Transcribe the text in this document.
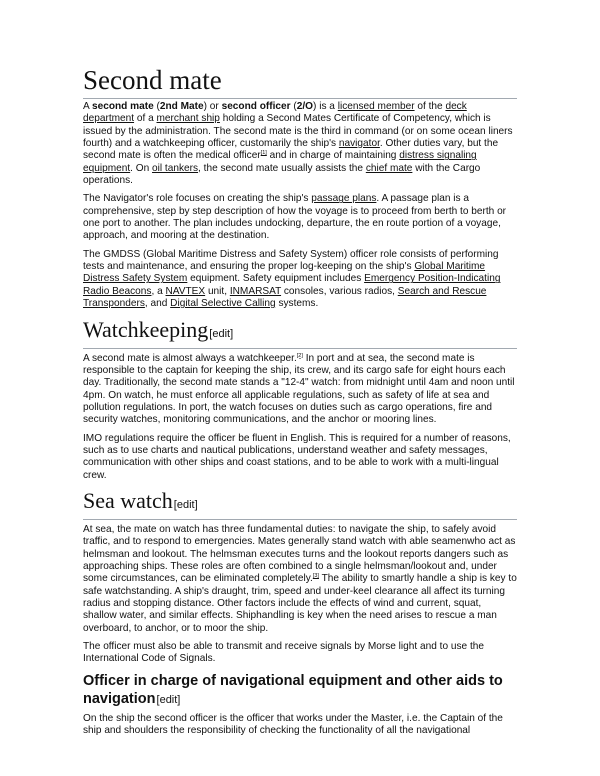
Second mate

A second mate (2nd Mate) or second officer (2/O) is a licensed member of the deck department of a merchant ship holding a Second Mates Certificate of Competency, which is issued by the administration. The second mate is the third in command (or on some ocean liners fourth) and a watchkeeping officer, customarily the ship's navigator. Other duties vary, but the second mate is often the medical officer[1] and in charge of maintaining distress signaling equipment. On oil tankers, the second mate usually assists the chief mate with the Cargo operations.

The Navigator's role focuses on creating the ship's passage plans. A passage plan is a comprehensive, step by step description of how the voyage is to proceed from berth to berth or one port to another. The plan includes undocking, departure, the en route portion of a voyage, approach, and mooring at the destination.

The GMDSS (Global Maritime Distress and Safety System) officer role consists of performing tests and maintenance, and ensuring the proper log-keeping on the ship's Global Maritime Distress Safety System equipment. Safety equipment includes Emergency Position-Indicating Radio Beacons, a NAVTEX unit, INMARSAT consoles, various radios, Search and Rescue Transponders, and Digital Selective Calling systems.

Watchkeeping[edit]

A second mate is almost always a watchkeeper.[2] In port and at sea, the second mate is responsible to the captain for keeping the ship, its crew, and its cargo safe for eight hours each day. Traditionally, the second mate stands a "12-4" watch: from midnight until 4am and noon until 4pm. On watch, he must enforce all applicable regulations, such as safety of life at sea and pollution regulations. In port, the watch focuses on duties such as cargo operations, fire and security watches, monitoring communications, and the anchor or mooring lines.

IMO regulations require the officer be fluent in English. This is required for a number of reasons, such as to use charts and nautical publications, understand weather and safety messages, communication with other ships and coast stations, and to be able to work with a multi-lingual crew.

Sea watch[edit]

At sea, the mate on watch has three fundamental duties: to navigate the ship, to safely avoid traffic, and to respond to emergencies. Mates generally stand watch with able seamenwho act as helmsman and lookout. The helmsman executes turns and the lookout reports dangers such as approaching ships. These roles are often combined to a single helmsman/lookout and, under some circumstances, can be eliminated completely.[3] The ability to smartly handle a ship is key to safe watchstanding. A ship's draught, trim, speed and under-keel clearance all affect its turning radius and stopping distance. Other factors include the effects of wind and current, squat, shallow water, and similar effects. Shiphandling is key when the need arises to rescue a man overboard, to anchor, or to moor the ship.

The officer must also be able to transmit and receive signals by Morse light and to use the International Code of Signals.

Officer in charge of navigational equipment and other aids to navigation[edit]

On the ship the second officer is the officer that works under the Master, i.e. the Captain of the ship and shoulders the responsibility of checking the functionality of all the navigational
